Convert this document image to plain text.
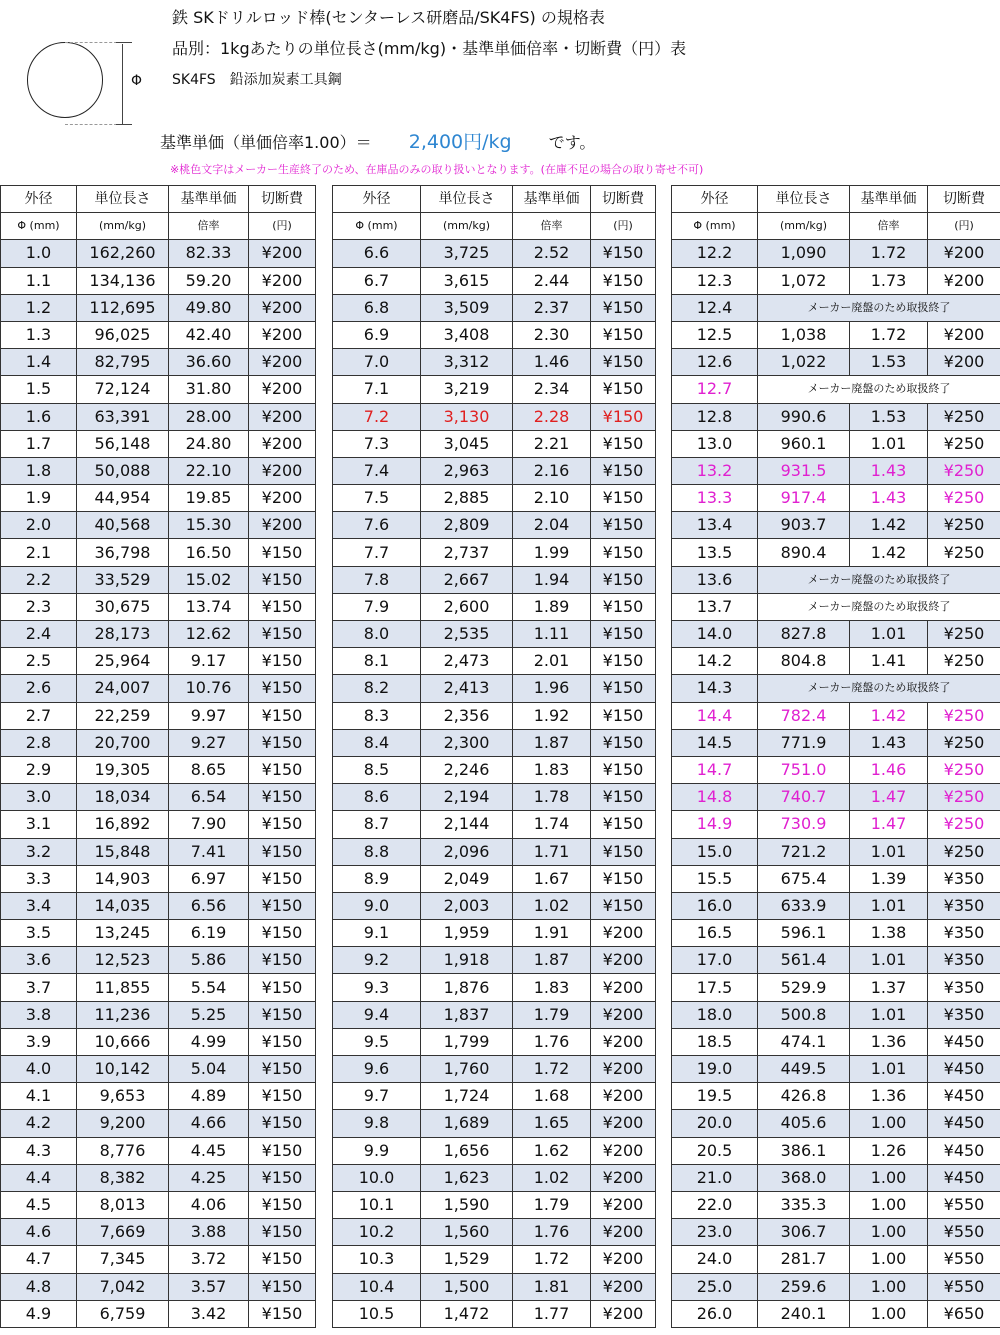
Φ
鉄 SKドリルロッド棒(センターレス研磨品/SK4FS) の規格表
品別：1kgあたりの単位長さ(mm/kg)・基準単価倍率・切断費（円）表
SK4FS　鉛添加炭素工具鋼
基準単価（単価倍率1.00）＝ 2,400円/kg です。
※桃色文字はメーカー生産終了のため、在庫品のみの取り扱いとなります。(在庫不足の場合の取り寄せ不可)
外径	単位長さ	基準単価	切断費
Φ (mm)	(mm/kg)	倍率	(円)
1.0	162,260	82.33	¥200
1.1	134,136	59.20	¥200
1.2	112,695	49.80	¥200
1.3	96,025	42.40	¥200
1.4	82,795	36.60	¥200
1.5	72,124	31.80	¥200
1.6	63,391	28.00	¥200
1.7	56,148	24.80	¥200
1.8	50,088	22.10	¥200
1.9	44,954	19.85	¥200
2.0	40,568	15.30	¥200
2.1	36,798	16.50	¥150
2.2	33,529	15.02	¥150
2.3	30,675	13.74	¥150
2.4	28,173	12.62	¥150
2.5	25,964	9.17	¥150
2.6	24,007	10.76	¥150
2.7	22,259	9.97	¥150
2.8	20,700	9.27	¥150
2.9	19,305	8.65	¥150
3.0	18,034	6.54	¥150
3.1	16,892	7.90	¥150
3.2	15,848	7.41	¥150
3.3	14,903	6.97	¥150
3.4	14,035	6.56	¥150
3.5	13,245	6.19	¥150
3.6	12,523	5.86	¥150
3.7	11,855	5.54	¥150
3.8	11,236	5.25	¥150
3.9	10,666	4.99	¥150
4.0	10,142	5.04	¥150
4.1	9,653	4.89	¥150
4.2	9,200	4.66	¥150
4.3	8,776	4.45	¥150
4.4	8,382	4.25	¥150
4.5	8,013	4.06	¥150
4.6	7,669	3.88	¥150
4.7	7,345	3.72	¥150
4.8	7,042	3.57	¥150
4.9	6,759	3.42	¥150
外径	単位長さ	基準単価	切断費
Φ (mm)	(mm/kg)	倍率	(円)
6.6	3,725	2.52	¥150
6.7	3,615	2.44	¥150
6.8	3,509	2.37	¥150
6.9	3,408	2.30	¥150
7.0	3,312	1.46	¥150
7.1	3,219	2.34	¥150
7.2	3,130	2.28	¥150
7.3	3,045	2.21	¥150
7.4	2,963	2.16	¥150
7.5	2,885	2.10	¥150
7.6	2,809	2.04	¥150
7.7	2,737	1.99	¥150
7.8	2,667	1.94	¥150
7.9	2,600	1.89	¥150
8.0	2,535	1.11	¥150
8.1	2,473	2.01	¥150
8.2	2,413	1.96	¥150
8.3	2,356	1.92	¥150
8.4	2,300	1.87	¥150
8.5	2,246	1.83	¥150
8.6	2,194	1.78	¥150
8.7	2,144	1.74	¥150
8.8	2,096	1.71	¥150
8.9	2,049	1.67	¥150
9.0	2,003	1.02	¥150
9.1	1,959	1.91	¥200
9.2	1,918	1.87	¥200
9.3	1,876	1.83	¥200
9.4	1,837	1.79	¥200
9.5	1,799	1.76	¥200
9.6	1,760	1.72	¥200
9.7	1,724	1.68	¥200
9.8	1,689	1.65	¥200
9.9	1,656	1.62	¥200
10.0	1,623	1.02	¥200
10.1	1,590	1.79	¥200
10.2	1,560	1.76	¥200
10.3	1,529	1.72	¥200
10.4	1,500	1.81	¥200
10.5	1,472	1.77	¥200
外径	単位長さ	基準単価	切断費
Φ (mm)	(mm/kg)	倍率	(円)
12.2	1,090	1.72	¥200
12.3	1,072	1.73	¥200
12.4	メーカー廃盤のため取扱終了		
12.5	1,038	1.72	¥200
12.6	1,022	1.53	¥200
12.7	メーカー廃盤のため取扱終了		
12.8	990.6	1.53	¥250
13.0	960.1	1.01	¥250
13.2	931.5	1.43	¥250
13.3	917.4	1.43	¥250
13.4	903.7	1.42	¥250
13.5	890.4	1.42	¥250
13.6	メーカー廃盤のため取扱終了		
13.7	メーカー廃盤のため取扱終了		
14.0	827.8	1.01	¥250
14.2	804.8	1.41	¥250
14.3	メーカー廃盤のため取扱終了		
14.4	782.4	1.42	¥250
14.5	771.9	1.43	¥250
14.7	751.0	1.46	¥250
14.8	740.7	1.47	¥250
14.9	730.9	1.47	¥250
15.0	721.2	1.01	¥250
15.5	675.4	1.39	¥350
16.0	633.9	1.01	¥350
16.5	596.1	1.38	¥350
17.0	561.4	1.01	¥350
17.5	529.9	1.37	¥350
18.0	500.8	1.01	¥350
18.5	474.1	1.36	¥450
19.0	449.5	1.01	¥450
19.5	426.8	1.36	¥450
20.0	405.6	1.00	¥450
20.5	386.1	1.26	¥450
21.0	368.0	1.00	¥450
22.0	335.3	1.00	¥550
23.0	306.7	1.00	¥550
24.0	281.7	1.00	¥550
25.0	259.6	1.00	¥550
26.0	240.1	1.00	¥650
